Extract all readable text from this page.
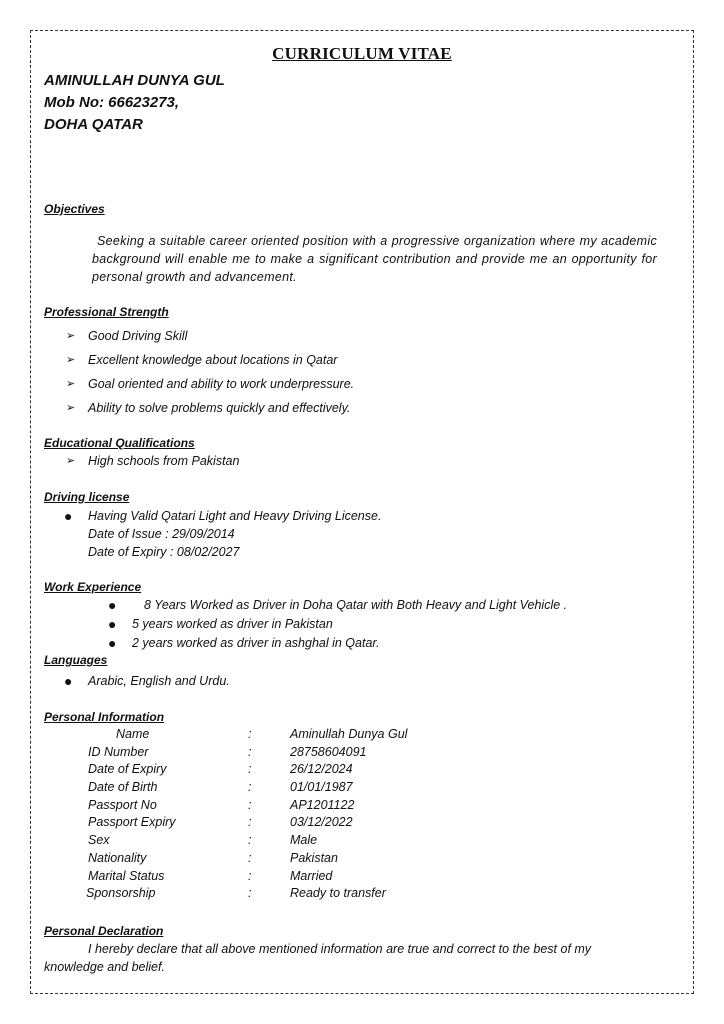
CURRICULUM VITAE
AMINULLAH DUNYA GUL
Mob No: 66623273,
DOHA QATAR
Objectives
Seeking a suitable career oriented position with a progressive organization where my academic background will enable me to make a significant contribution and provide me an opportunity for personal growth and advancement.
Professional Strength
➢ Good Driving Skill
➢ Excellent knowledge about locations in Qatar
➢ Goal oriented and ability to work underpressure.
➢ Ability to solve problems quickly and effectively.
Educational Qualifications
➢ High schools from Pakistan
Driving license
● Having Valid Qatari Light and Heavy Driving License.
Date of Issue : 29/09/2014
Date of Expiry : 08/02/2027
Work Experience
● 8 Years Worked as Driver in Doha Qatar with Both Heavy and Light Vehicle .
● 5 years worked as driver in Pakistan
● 2 years worked as driver in ashghal in Qatar.
Languages
● Arabic, English and Urdu.
Personal Information
Name	:	Aminullah Dunya Gul
ID Number	:	28758604091
Date of Expiry	:	26/12/2024
Date of Birth	:	01/01/1987
Passport No	:	AP1201122
Passport Expiry	:	03/12/2022
Sex	:	Male
Nationality	:	Pakistan
Marital Status	:	Married
Sponsorship	:	Ready to transfer
Personal Declaration
I hereby declare that all above mentioned information are true and correct to the best of my knowledge and belief.
